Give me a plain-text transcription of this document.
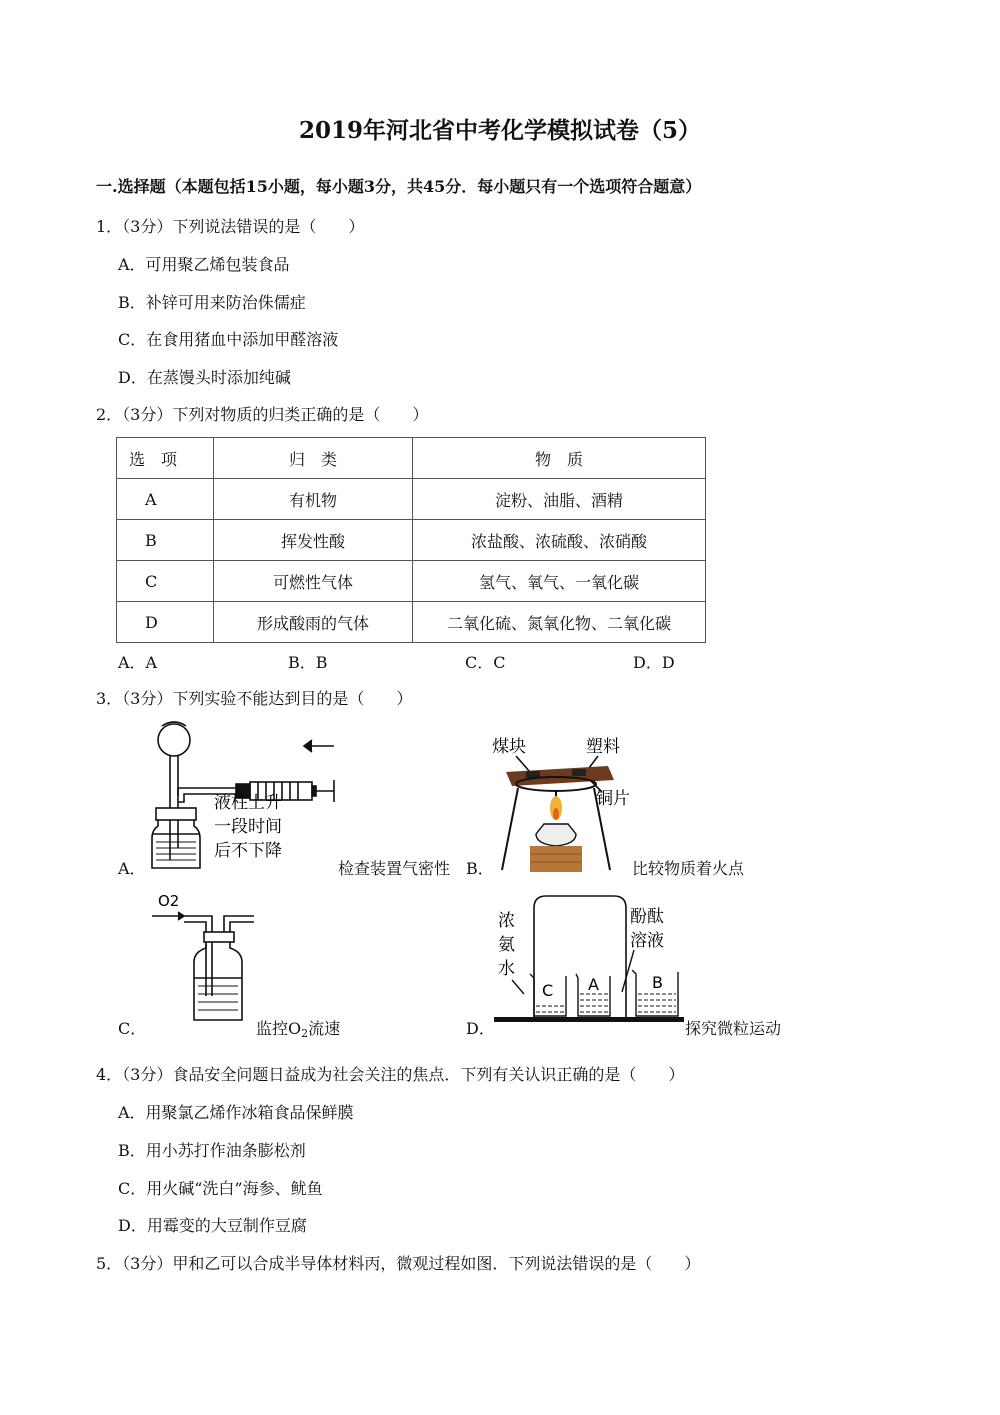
2019年河北省中考化学模拟试卷（5）
一.选择题（本题包括15小题，每小题3分，共45分．每小题只有一个选项符合题意）
1．（3分）下列说法错误的是（　　）
A．可用聚乙烯包装食品
B．补锌可用来防治侏儒症
C．在食用猪血中添加甲醛溶液
D．在蒸馒头时添加纯碱
2．（3分）下列对物质的归类正确的是（　　）
选　项	归　类	物　质
A	有机物	淀粉、油脂、酒精
B	挥发性酸	浓盐酸、浓硫酸、浓硝酸
C	可燃性气体	氢气、氧气、一氧化碳
D	形成酸雨的气体	二氧化硫、氮氧化物、二氧化碳
A．A	B．B	C．C	D．D
3．（3分）下列实验不能达到目的是（　　）
液柱上升
一段时间
后不下降
A．	检查装置气密性 B．
煤块	塑料
铜片
比较物质着火点
O2
C．	监控$O_2$流速
浓
氨
水
酚酞
溶液
C A	B
D．	探究微粒运动
4．（3分）食品安全问题日益成为社会关注的焦点．下列有关认识正确的是（　　）
A．用聚氯乙烯作冰箱食品保鲜膜
B．用小苏打作油条膨松剂
C．用火碱“洗白”海参、鱿鱼
D．用霉变的大豆制作豆腐
5．（3分）甲和乙可以合成半导体材料丙，微观过程如图．下列说法错误的是（　　）
